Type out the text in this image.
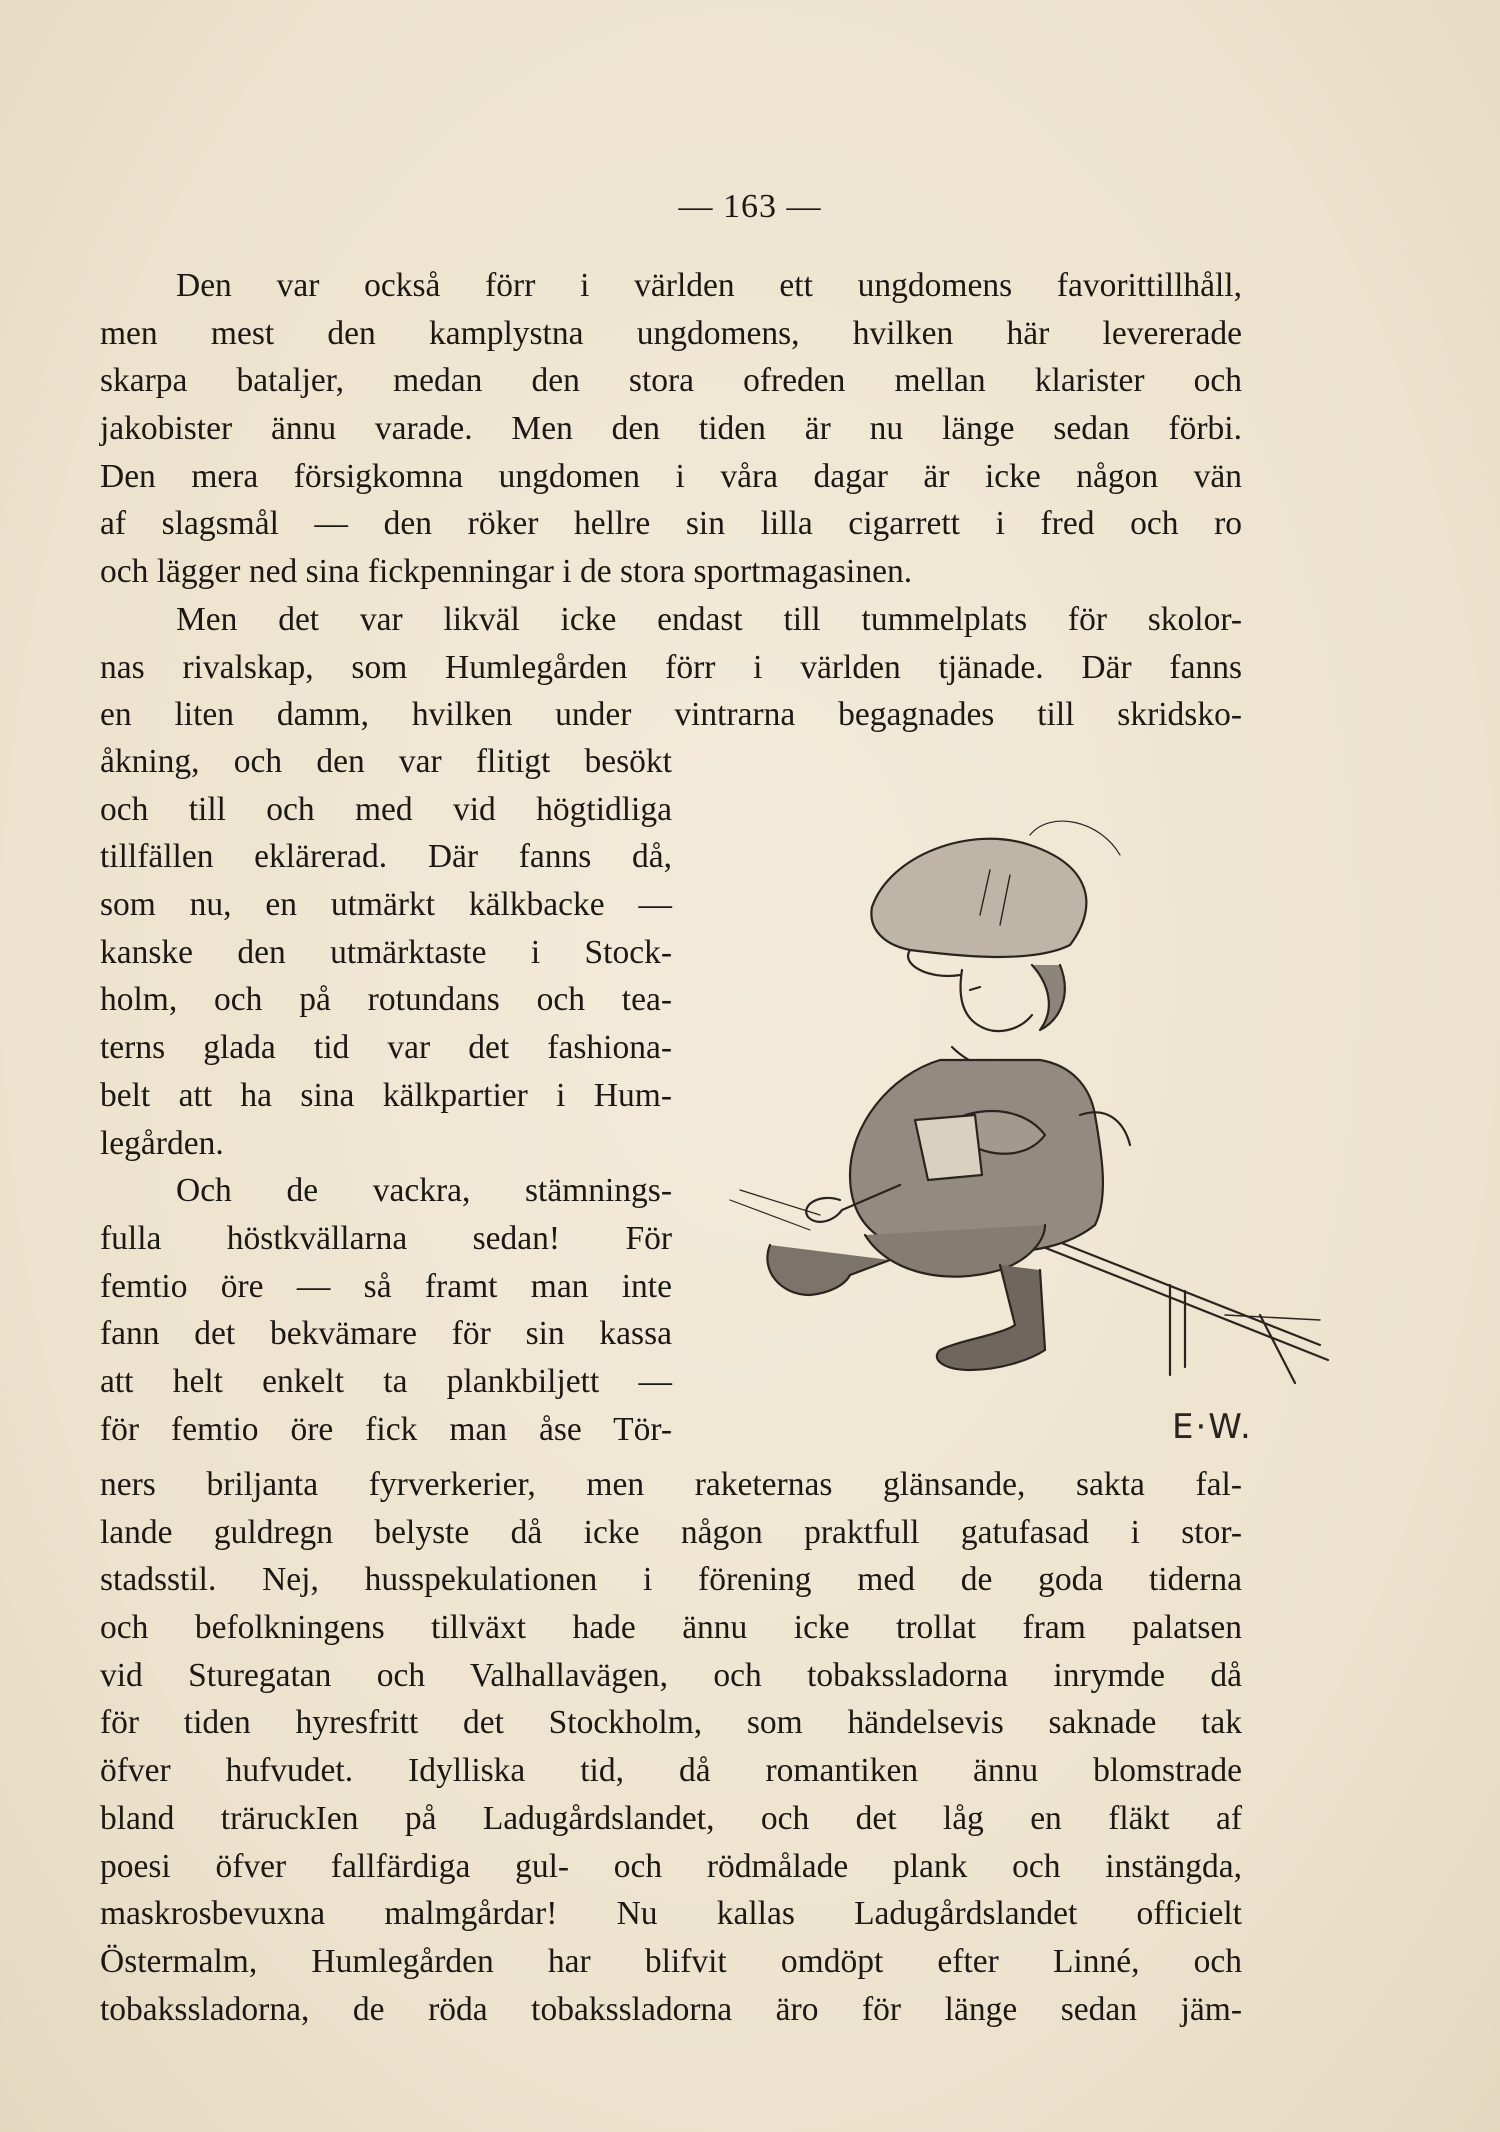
— 163 —
Den var också förr i världen ett ungdomens favorittillhåll,
men mest den kamplystna ungdomens, hvilken här levererade
skarpa bataljer, medan den stora ofreden mellan klarister och
jakobister ännu varade. Men den tiden är nu länge sedan förbi.
Den mera försigkomna ungdomen i våra dagar är icke någon vän
af slagsmål — den röker hellre sin lilla cigarrett i fred och ro
och lägger ned sina fickpenningar i de stora sportmagasinen.
Men det var likväl icke endast till tummelplats för skolor-
nas rivalskap, som Humlegården förr i världen tjänade. Där fanns
en liten damm, hvilken under vintrarna begagnades till skridsko-
åkning, och den var flitigt besökt
och till och med vid högtidliga
tillfällen eklärerad. Där fanns då,
som nu, en utmärkt kälkbacke —
kanske den utmärktaste i Stock-
holm, och på rotundans och tea-
terns glada tid var det fashiona-
belt att ha sina kälkpartier i Hum-
legården.
Och de vackra, stämnings-
fulla höstkvällarna sedan! För
femtio öre — så framt man inte
fann det bekvämare för sin kassa
att helt enkelt ta plankbiljett —
för femtio öre fick man åse Tör-	E·W.
ners briljanta fyrverkerier, men raketernas glänsande, sakta fal-
lande guldregn belyste då icke någon praktfull gatufasad i stor-
stadsstil. Nej, husspekulationen i förening med de goda tiderna
och befolkningens tillväxt hade ännu icke trollat fram palatsen
vid Sturegatan och Valhallavägen, och tobakssladorna inrymde då
för tiden hyresfritt det Stockholm, som händelsevis saknade tak
öfver hufvudet. Idylliska tid, då romantiken ännu blomstrade
bland träruckIen på Ladugårdslandet, och det låg en fläkt af
poesi öfver fallfärdiga gul- och rödmålade plank och instängda,
maskrosbevuxna malmgårdar! Nu kallas Ladugårdslandet officielt
Östermalm, Humlegården har blifvit omdöpt efter Linné, och
tobakssladorna, de röda tobakssladorna äro för länge sedan jäm-
